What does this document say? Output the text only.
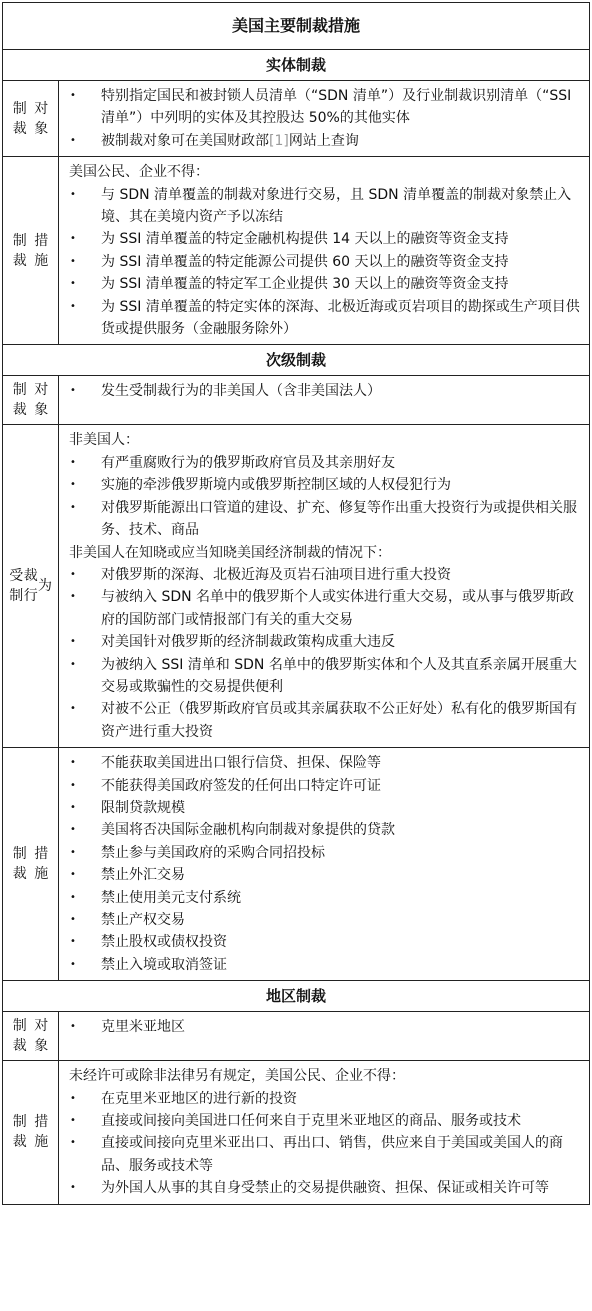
美国主要制裁措施
实体制裁
制裁
对象
• 特别指定国民和被封锁人员清单（“SDN 清单”）及行业制裁识别清单（“SSI 清单”）中列明的实体及其控股达 50%的其他实体
• 被制裁对象可在美国财政部[1]网站上查询
制裁
措施

美国公民、企业不得：

• 与 SDN 清单覆盖的制裁对象进行交易，且 SDN 清单覆盖的制裁对象禁止入境、其在美境内资产予以冻结
• 为 SSI 清单覆盖的特定金融机构提供 14 天以上的融资等资金支持
• 为 SSI 清单覆盖的特定能源公司提供 60 天以上的融资等资金支持
• 为 SSI 清单覆盖的特定军工企业提供 30 天以上的融资等资金支持
• 为 SSI 清单覆盖的特定实体的深海、北极近海或页岩项目的勘探或生产项目供货或提供服务（金融服务除外）
次级制裁
制裁
对象
• 发生受制裁行为的非美国人（含非美国法人）
受制
裁行
为

非美国人：

• 有严重腐败行为的俄罗斯政府官员及其亲朋好友
• 实施的牵涉俄罗斯境内或俄罗斯控制区域的人权侵犯行为
• 对俄罗斯能源出口管道的建设、扩充、修复等作出重大投资行为或提供相关服务、技术、商品

非美国人在知晓或应当知晓美国经济制裁的情况下：

• 对俄罗斯的深海、北极近海及页岩石油项目进行重大投资
• 与被纳入 SDN 名单中的俄罗斯个人或实体进行重大交易，或从事与俄罗斯政府的国防部门或情报部门有关的重大交易
• 对美国针对俄罗斯的经济制裁政策构成重大违反
• 为被纳入 SSI 清单和 SDN 名单中的俄罗斯实体和个人及其直系亲属开展重大交易或欺骗性的交易提供便利
• 对被不公正（俄罗斯政府官员或其亲属获取不公正好处）私有化的俄罗斯国有资产进行重大投资
制裁
措施
• 不能获取美国进出口银行信贷、担保、保险等
• 不能获得美国政府签发的任何出口特定许可证
• 限制贷款规模
• 美国将否决国际金融机构向制裁对象提供的贷款
• 禁止参与美国政府的采购合同招投标
• 禁止外汇交易
• 禁止使用美元支付系统
• 禁止产权交易
• 禁止股权或债权投资
• 禁止入境或取消签证
地区制裁
制裁
对象
• 克里米亚地区
制裁
措施

未经许可或除非法律另有规定，美国公民、企业不得：

• 在克里米亚地区的进行新的投资
• 直接或间接向美国进口任何来自于克里米亚地区的商品、服务或技术
• 直接或间接向克里米亚出口、再出口、销售，供应来自于美国或美国人的商品、服务或技术等
• 为外国人从事的其自身受禁止的交易提供融资、担保、保证或相关许可等
